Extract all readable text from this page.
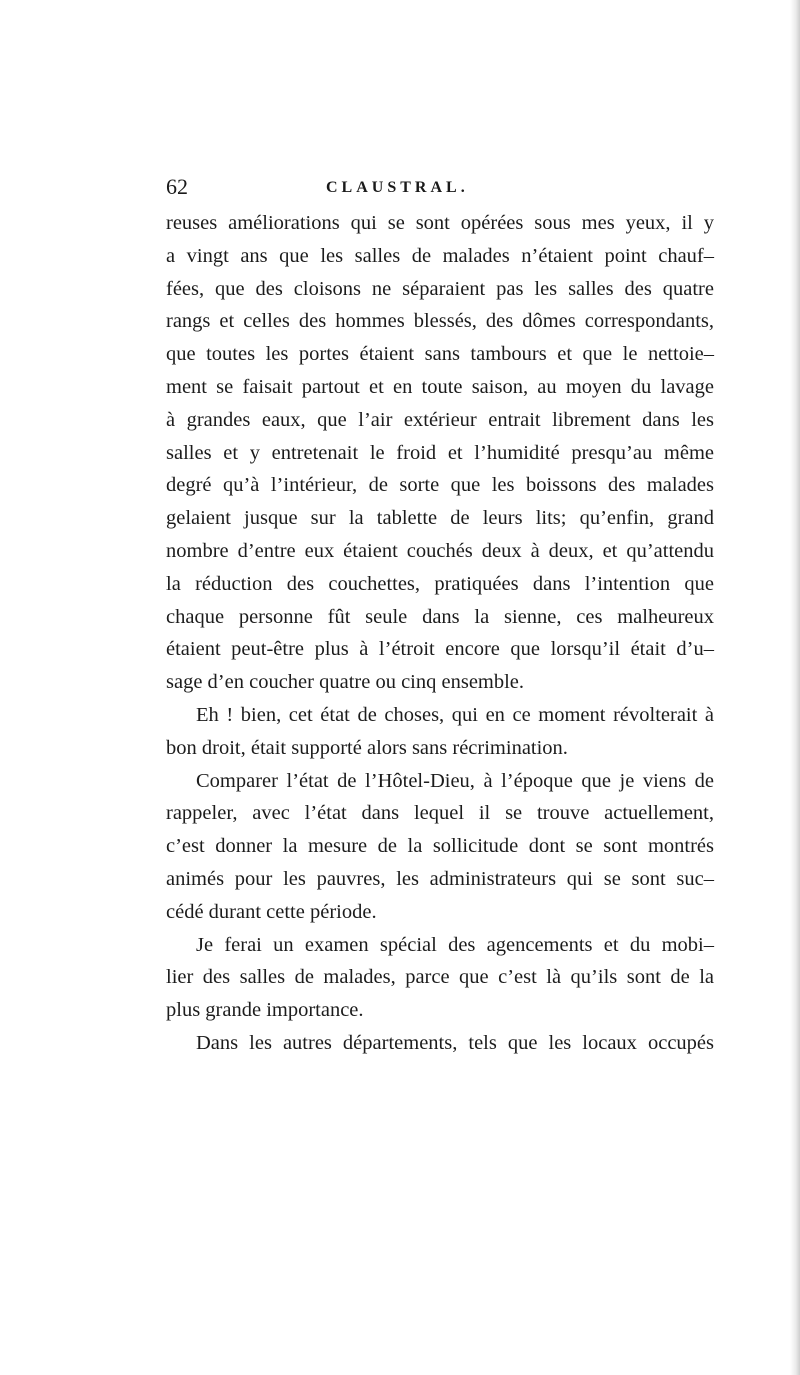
62	CLAUSTRAL.
reuses améliorations qui se sont opérées sous mes yeux, il y
a vingt ans que les salles de malades n’étaient point chauf–
fées, que des cloisons ne séparaient pas les salles des quatre
rangs et celles des hommes blessés, des dômes correspondants,
que toutes les portes étaient sans tambours et que le nettoie–
ment se faisait partout et en toute saison, au moyen du lavage
à grandes eaux, que l’air extérieur entrait librement dans les
salles et y entretenait le froid et l’humidité presqu’au même
degré qu’à l’intérieur, de sorte que les boissons des malades
gelaient jusque sur la tablette de leurs lits; qu’enfin, grand
nombre d’entre eux étaient couchés deux à deux, et qu’attendu
la réduction des couchettes, pratiquées dans l’intention que
chaque personne fût seule dans la sienne, ces malheureux
étaient peut-être plus à l’étroit encore que lorsqu’il était d’u–
sage d’en coucher quatre ou cinq ensemble.
Eh ! bien, cet état de choses, qui en ce moment révolterait à
bon droit, était supporté alors sans récrimination.
Comparer l’état de l’Hôtel-Dieu, à l’époque que je viens de
rappeler, avec l’état dans lequel il se trouve actuellement,
c’est donner la mesure de la sollicitude dont se sont montrés
animés pour les pauvres, les administrateurs qui se sont suc–
cédé durant cette période.
Je ferai un examen spécial des agencements et du mobi–
lier des salles de malades, parce que c’est là qu’ils sont de la
plus grande importance.
Dans les autres départements, tels que les locaux occupés
